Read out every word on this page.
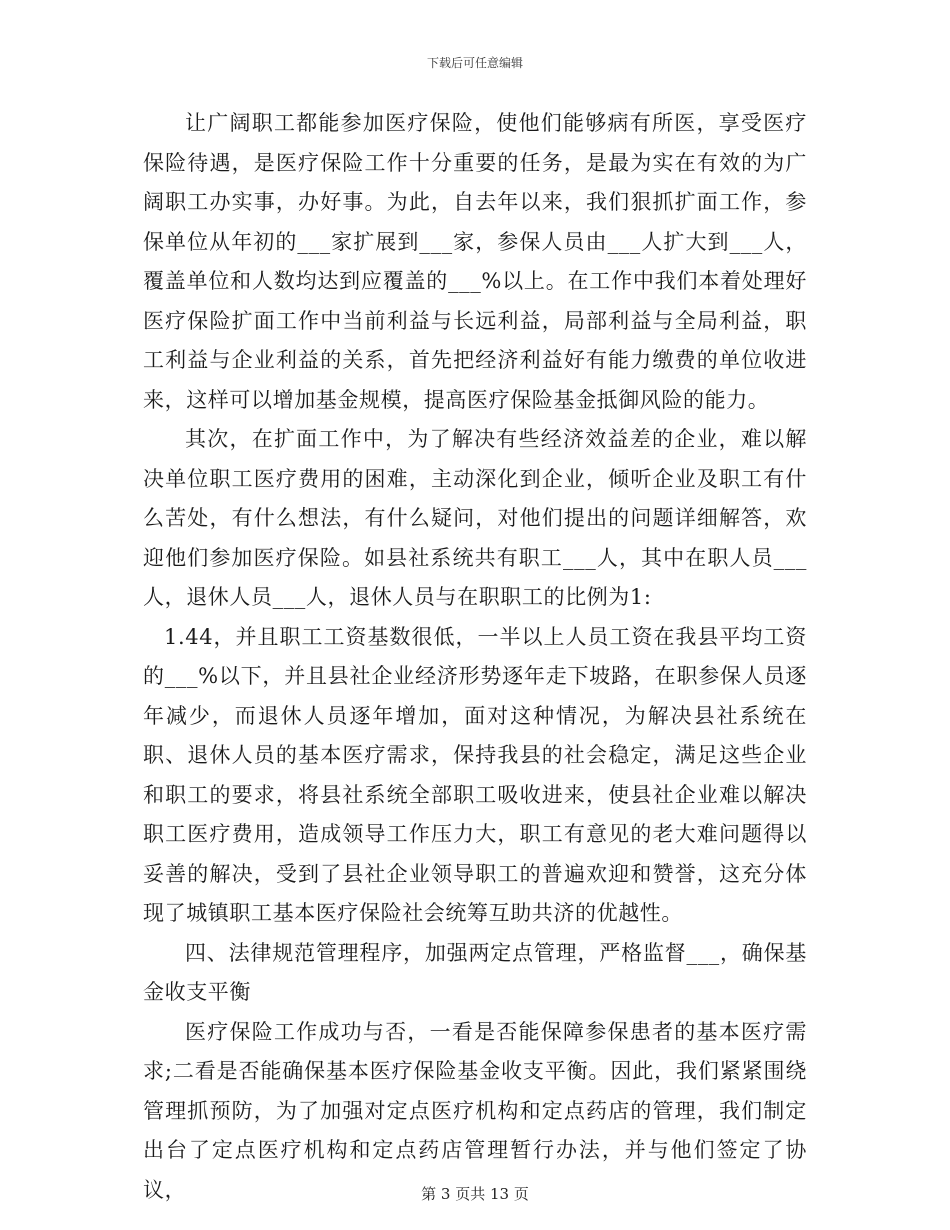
下载后可任意编辑

让广阔职工都能参加医疗保险，使他们能够病有所医，享受医疗保险待遇，是医疗保险工作十分重要的任务，是最为实在有效的为广阔职工办实事，办好事。为此，自去年以来，我们狠抓扩面工作，参保单位从年初的___家扩展到___家，参保人员由___人扩大到___人，覆盖单位和人数均达到应覆盖的___%以上。在工作中我们本着处理好医疗保险扩面工作中当前利益与长远利益，局部利益与全局利益，职工利益与企业利益的关系，首先把经济利益好有能力缴费的单位收进来，这样可以增加基金规模，提高医疗保险基金抵御风险的能力。

其次，在扩面工作中，为了解决有些经济效益差的企业，难以解决单位职工医疗费用的困难，主动深化到企业，倾听企业及职工有什么苦处，有什么想法，有什么疑问，对他们提出的问题详细解答，欢迎他们参加医疗保险。如县社系统共有职工___人，其中在职人员___人，退休人员___人，退休人员与在职职工的比例为1:

1.44，并且职工工资基数很低，一半以上人员工资在我县平均工资的___%以下，并且县社企业经济形势逐年走下坡路，在职参保人员逐年减少，而退休人员逐年增加，面对这种情况，为解决县社系统在职、退休人员的基本医疗需求，保持我县的社会稳定，满足这些企业和职工的要求，将县社系统全部职工吸收进来，使县社企业难以解决职工医疗费用，造成领导工作压力大，职工有意见的老大难问题得以妥善的解决，受到了县社企业领导职工的普遍欢迎和赞誉，这充分体现了城镇职工基本医疗保险社会统筹互助共济的优越性。

四、法律规范管理程序，加强两定点管理，严格监督___，确保基金收支平衡

医疗保险工作成功与否，一看是否能保障参保患者的基本医疗需求;二看是否能确保基本医疗保险基金收支平衡。因此，我们紧紧围绕管理抓预防，为了加强对定点医疗机构和定点药店的管理，我们制定出台了定点医疗机构和定点药店管理暂行办法，并与他们签定了协议，	第 3 页共 13 页
